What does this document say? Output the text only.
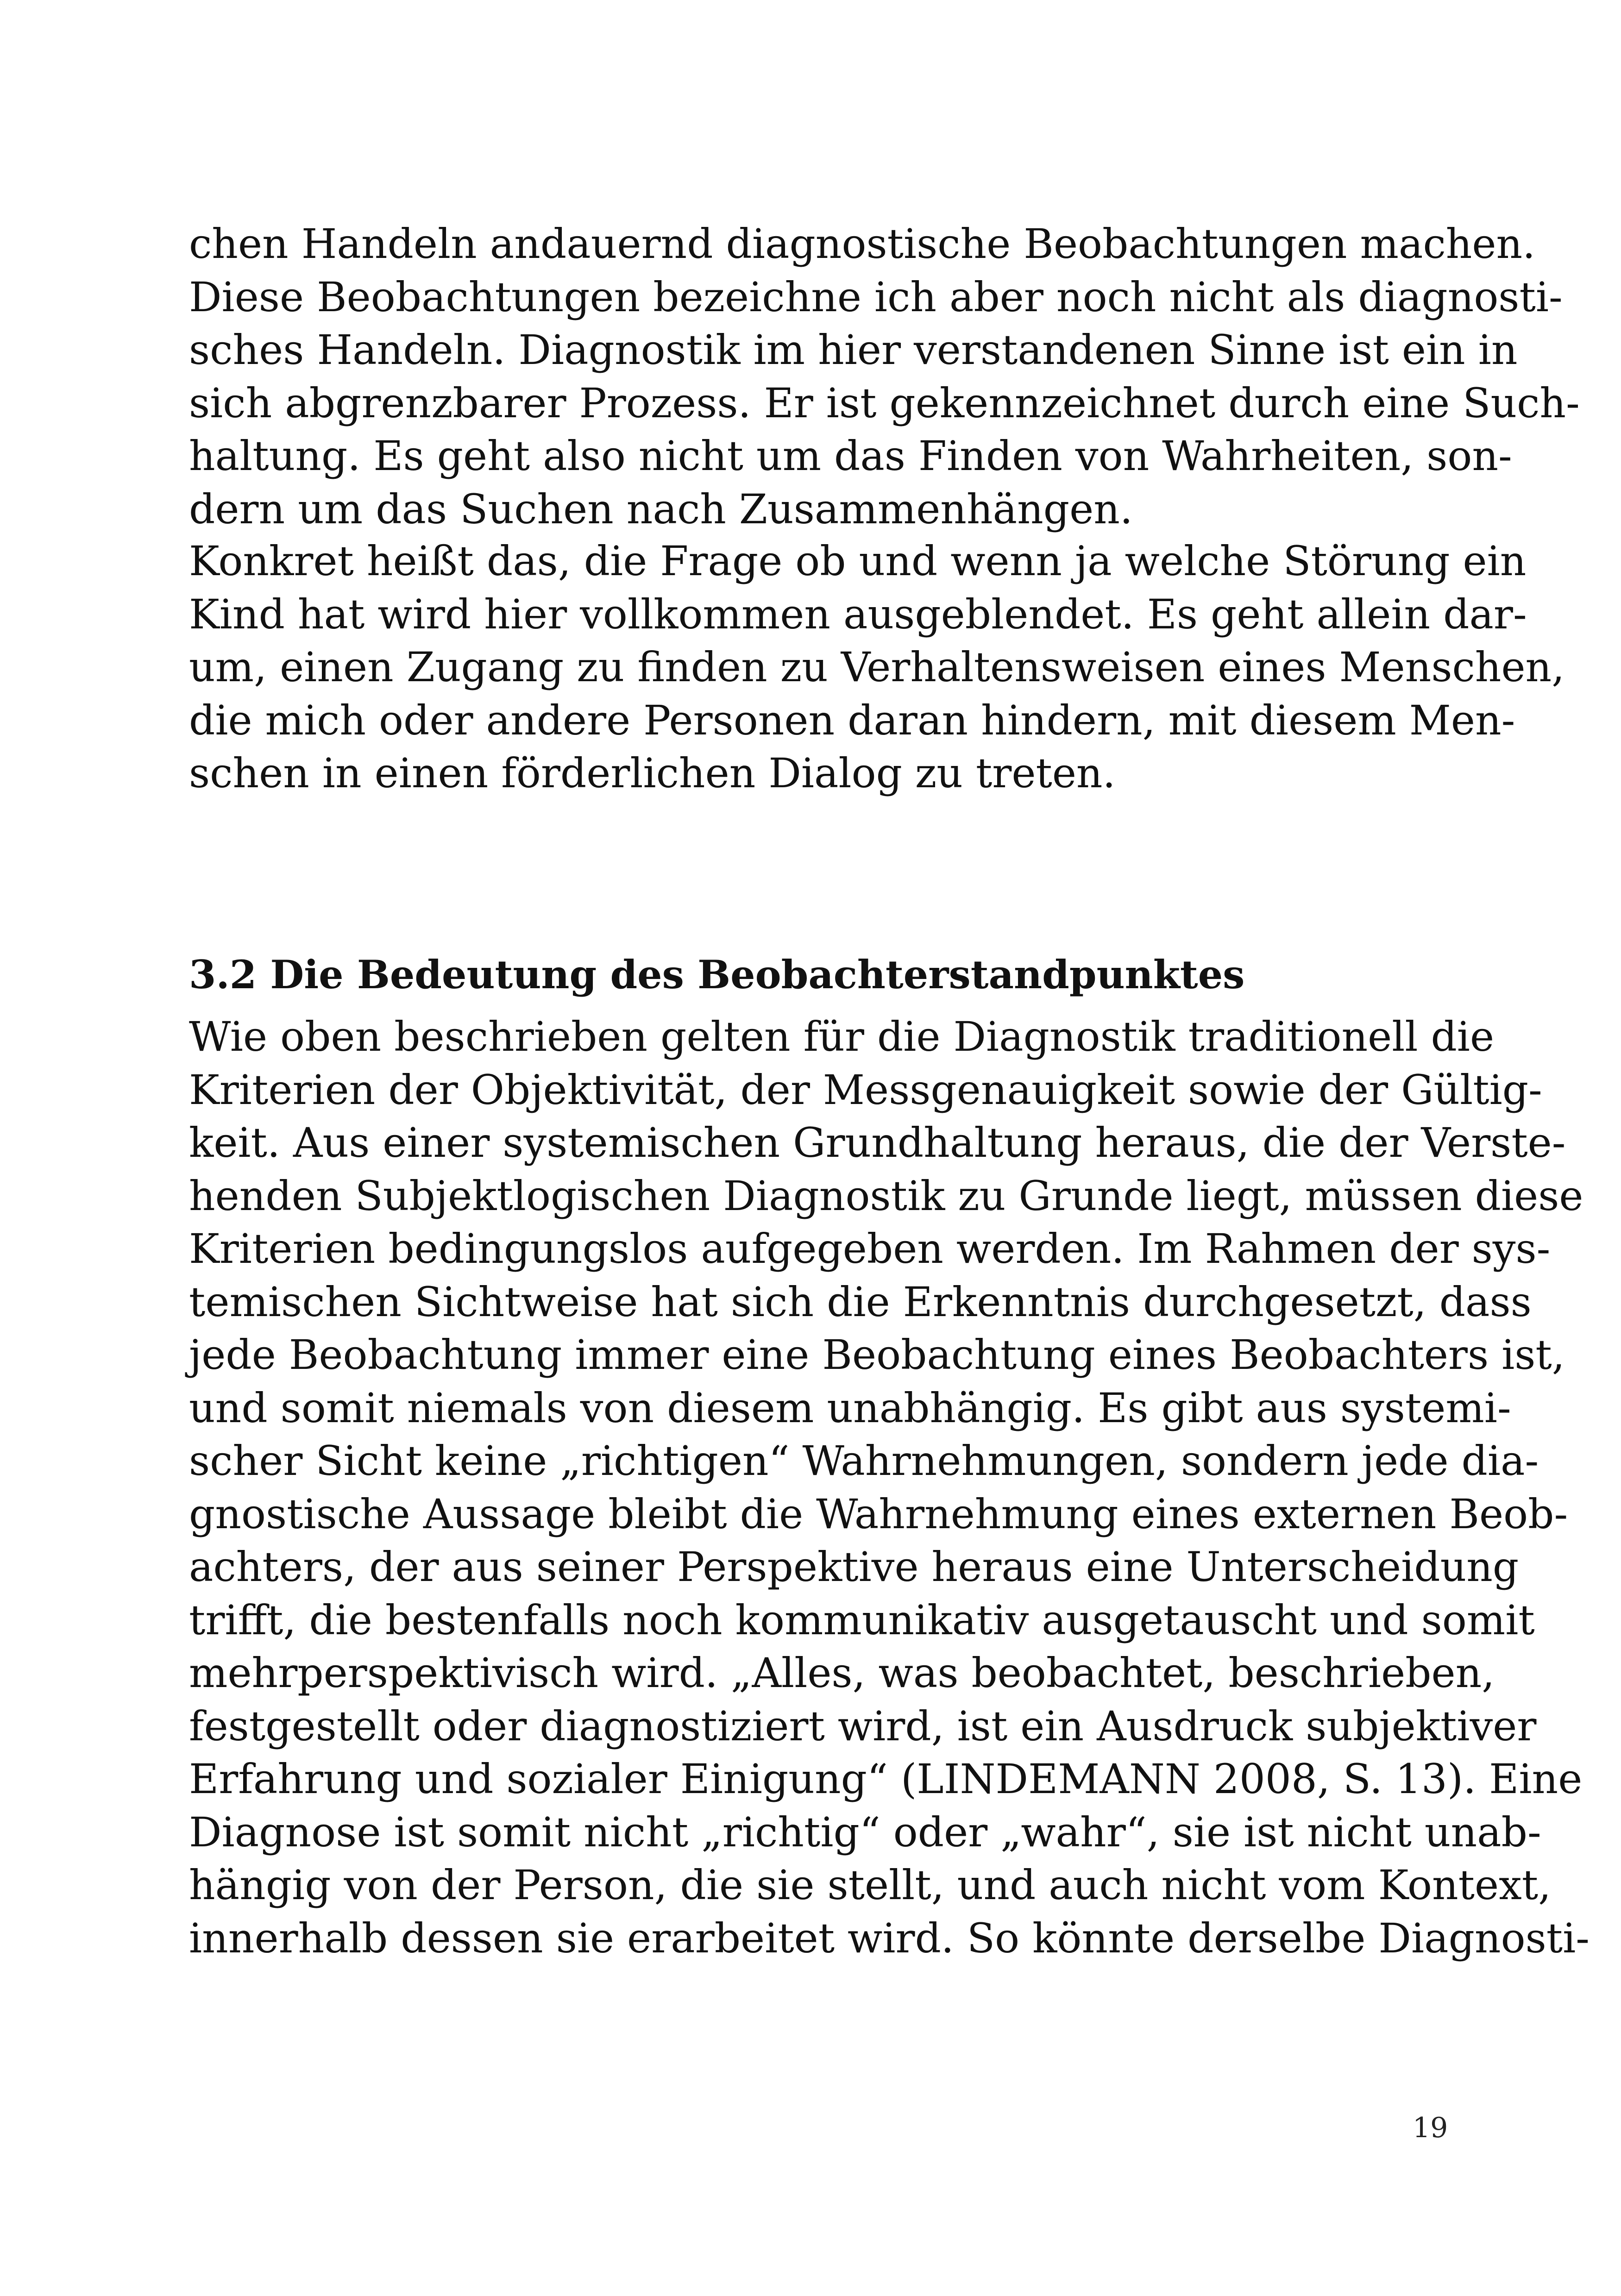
chen Handeln andauernd diagnostische Beobachtungen machen.
Diese Beobachtungen bezeichne ich aber noch nicht als diagnosti-
sches Handeln. Diagnostik im hier verstandenen Sinne ist ein in
sich abgrenzbarer Prozess. Er ist gekennzeichnet durch eine Such-
haltung. Es geht also nicht um das Finden von Wahrheiten, son-
dern um das Suchen nach Zusammenhängen.
Konkret heißt das, die Frage ob und wenn ja welche Störung ein
Kind hat wird hier vollkommen ausgeblendet. Es geht allein dar-
um, einen Zugang zu finden zu Verhaltensweisen eines Menschen,
die mich oder andere Personen daran hindern, mit diesem Men-
schen in einen förderlichen Dialog zu treten.
3.2 Die Bedeutung des Beobachterstandpunktes
Wie oben beschrieben gelten für die Diagnostik traditionell die
Kriterien der Objektivität, der Messgenauigkeit sowie der Gültig-
keit. Aus einer systemischen Grundhaltung heraus, die der Verste-
henden Subjektlogischen Diagnostik zu Grunde liegt, müssen diese
Kriterien bedingungslos aufgegeben werden. Im Rahmen der sys-
temischen Sichtweise hat sich die Erkenntnis durchgesetzt, dass
jede Beobachtung immer eine Beobachtung eines Beobachters ist,
und somit niemals von diesem unabhängig. Es gibt aus systemi-
scher Sicht keine „richtigen“ Wahrnehmungen, sondern jede dia-
gnostische Aussage bleibt die Wahrnehmung eines externen Beob-
achters, der aus seiner Perspektive heraus eine Unterscheidung
trifft, die bestenfalls noch kommunikativ ausgetauscht und somit
mehrperspektivisch wird. „Alles, was beobachtet, beschrieben,
festgestellt oder diagnostiziert wird, ist ein Ausdruck subjektiver
Erfahrung und sozialer Einigung“ (LINDEMANN 2008, S. 13). Eine
Diagnose ist somit nicht „richtig“ oder „wahr“, sie ist nicht unab-
hängig von der Person, die sie stellt, und auch nicht vom Kontext,
innerhalb dessen sie erarbeitet wird. So könnte derselbe Diagnosti-
19
